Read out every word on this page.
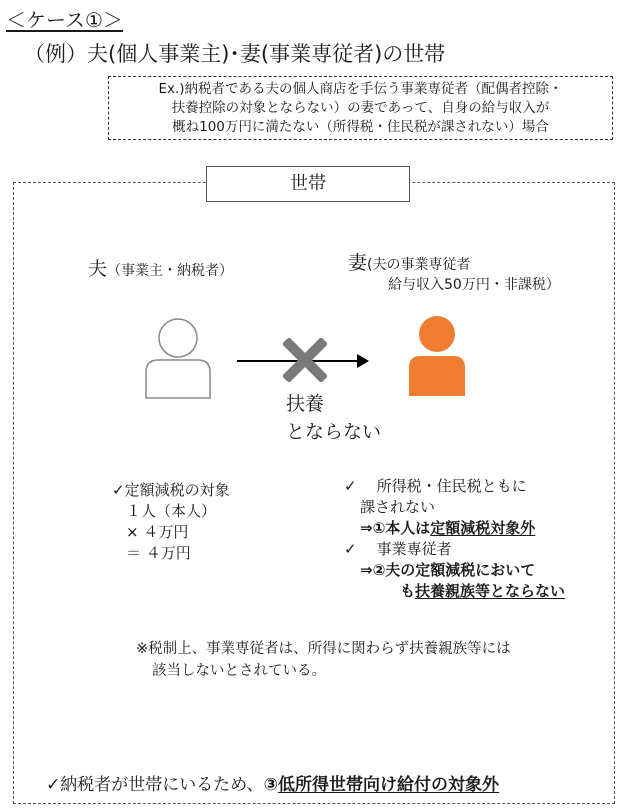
＜ケース①＞
（例）夫(個人事業主)･妻(事業専従者)の世帯
Ex.)納税者である夫の個人商店を手伝う事業専従者（配偶者控除・
扶養控除の対象とならない）の妻であって、自身の給与収入が
概ね100万円に満たない（所得税・住民税が課されない）場合
世帯
夫（事業主・納税者）	妻(夫の事業専従者
給与収入50万円・非課税）
扶養
とならない
✓定額減税の対象
１人（本人）
× ４万円
＝ ４万円
✓ 所得税・住民税ともに
課されない
⇒①本人は定額減税対象外
✓ 事業専従者
⇒②夫の定額減税において
も扶養親族等とならない
※税制上、事業専従者は、所得に関わらず扶養親族等には
該当しないとされている。
✓納税者が世帯にいるため、③低所得世帯向け給付の対象外
